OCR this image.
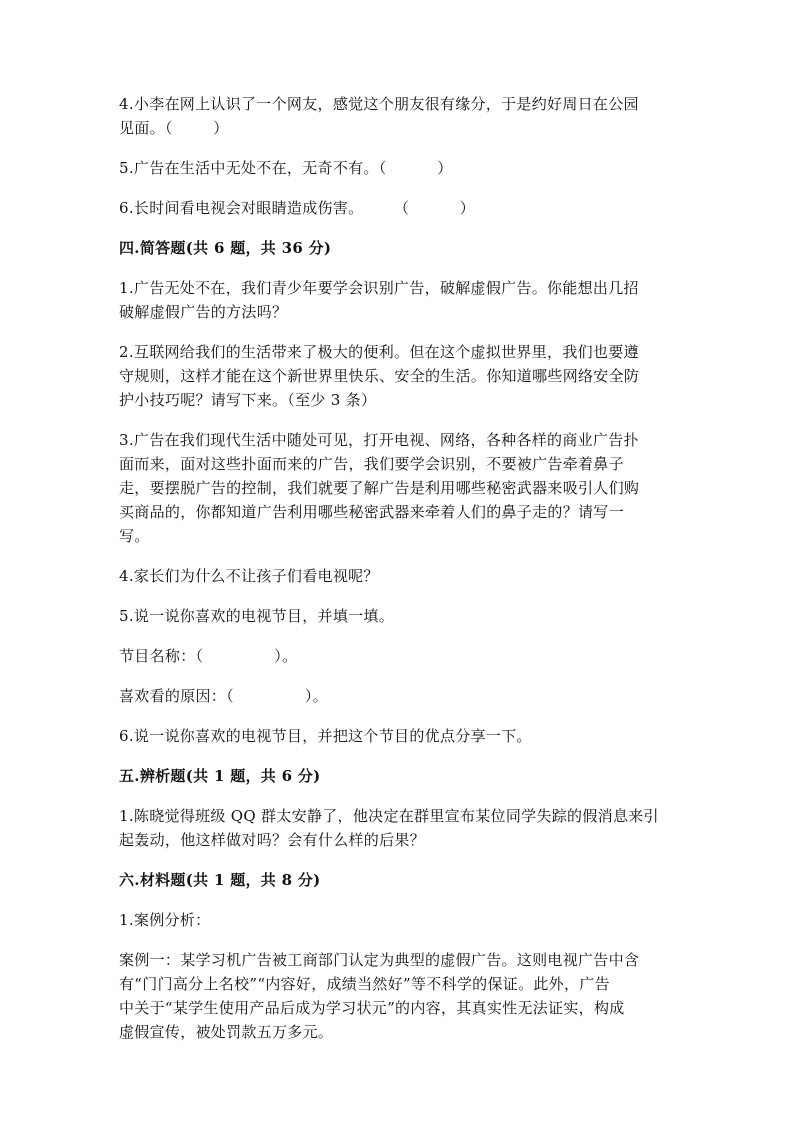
4.小李在网上认识了一个网友，感觉这个朋友很有缘分，于是约好周日在公园
见面。（        ）

5.广告在生活中无处不在，无奇不有。（          ）

6.长时间看电视会对眼睛造成伤害。      （          ）

四.简答题(共 6 题，共 36 分)

1.广告无处不在，我们青少年要学会识别广告，破解虚假广告。你能想出几招
破解虚假广告的方法吗？

2.互联网给我们的生活带来了极大的便利。但在这个虚拟世界里，我们也要遵
守规则，这样才能在这个新世界里快乐、安全的生活。你知道哪些网络安全防
护小技巧呢？请写下来。（至少 3 条）

3.广告在我们现代生活中随处可见，打开电视、网络，各种各样的商业广告扑
面而来，面对这些扑面而来的广告，我们要学会识别，不要被广告牵着鼻子
走，要摆脱广告的控制，我们就要了解广告是利用哪些秘密武器来吸引人们购
买商品的，你都知道广告利用哪些秘密武器来牵着人们的鼻子走的？请写一
写。

4.家长们为什么不让孩子们看电视呢？

5.说一说你喜欢的电视节目，并填一填。

节目名称：（              ）。

喜欢看的原因：（              ）。

6.说一说你喜欢的电视节目，并把这个节目的优点分享一下。

五.辨析题(共 1 题，共 6 分)

1.陈晓觉得班级 QQ 群太安静了，他决定在群里宣布某位同学失踪的假消息来引
起轰动，他这样做对吗？会有什么样的后果？

六.材料题(共 1 题，共 8 分)

1.案例分析：

案例一：某学习机广告被工商部门认定为典型的虚假广告。这则电视广告中含
有“门门高分上名校”“内容好，成绩当然好”等不科学的保证。此外，广告
中关于“某学生使用产品后成为学习状元”的内容，其真实性无法证实，构成
虚假宣传，被处罚款五万多元。
